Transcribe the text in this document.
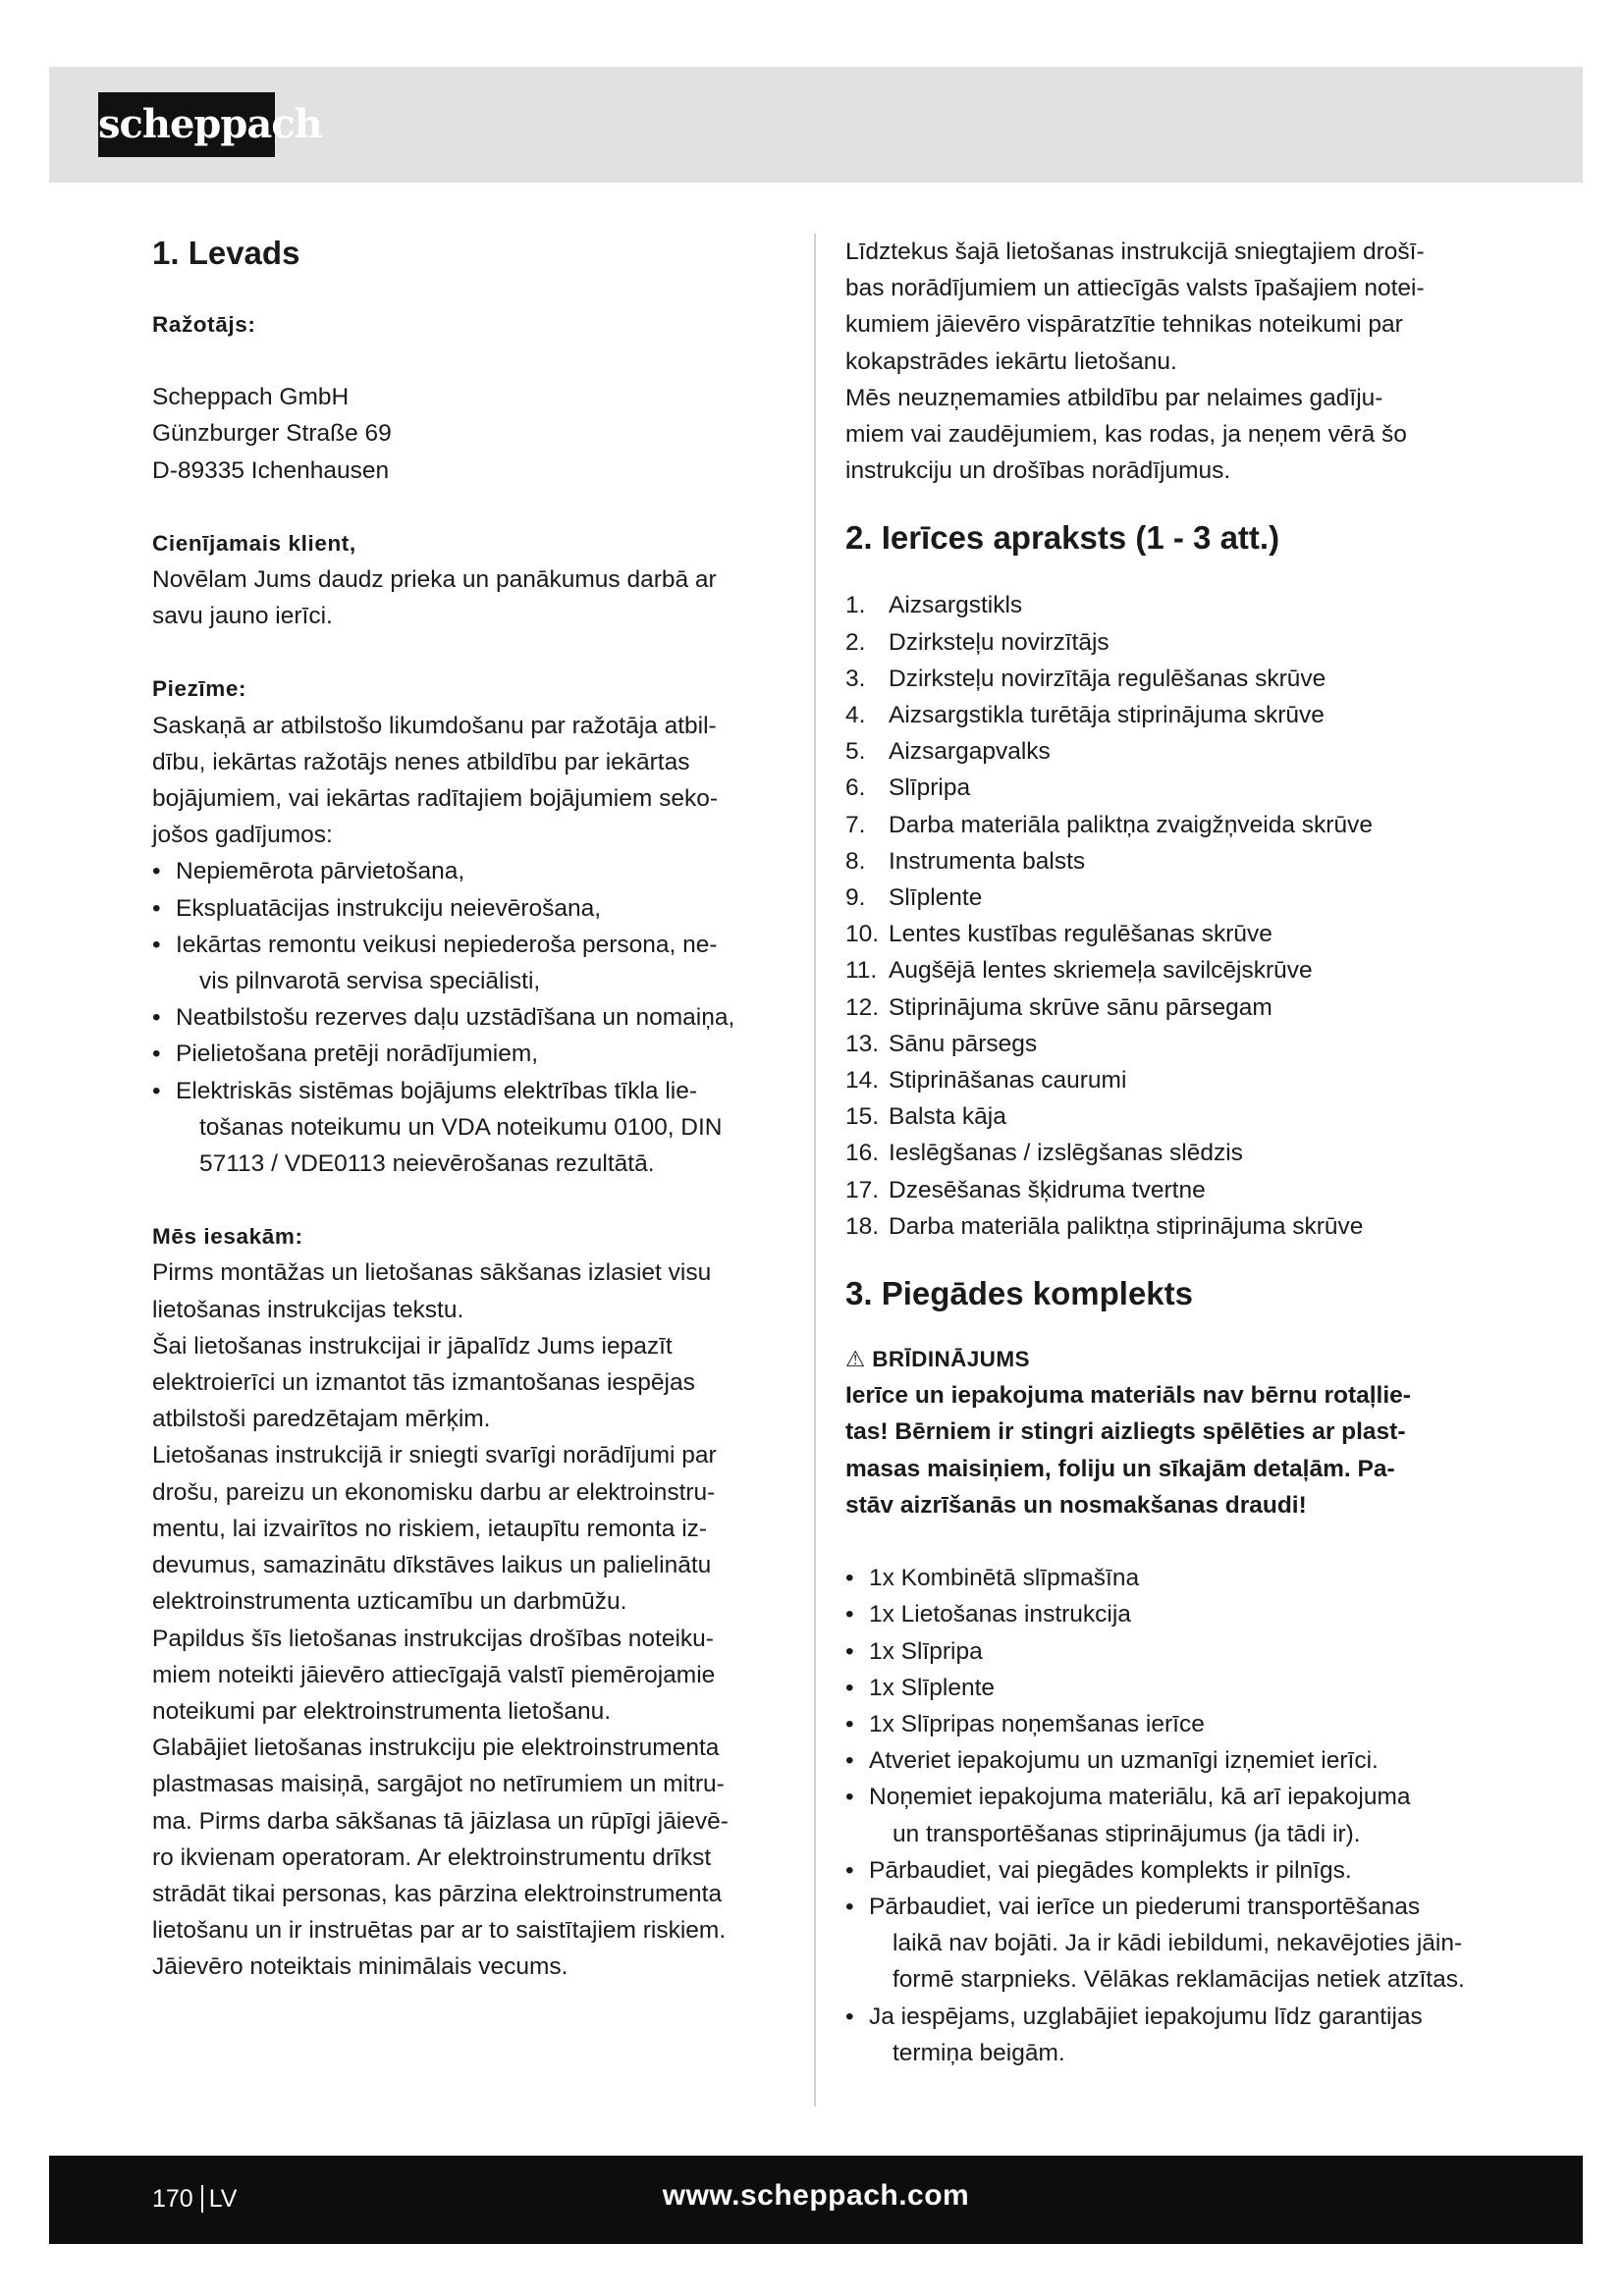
scheppach
1. Levads
Ražotājs:
Scheppach GmbH
Günzburger Straße 69
D-89335 Ichenhausen
Cienījamais klient,
Novēlam Jums daudz prieka un panākumus darbā ar
savu jauno ierīci.
Piezīme:
Saskaņā ar atbilstošo likumdošanu par ražotāja atbil-
dību, iekārtas ražotājs nenes atbildību par iekārtas
bojājumiem, vai iekārtas radītajiem bojājumiem seko-
jošos gadījumos:
• Nepiemērota pārvietošana,
• Ekspluatācijas instrukciju neievērošana,
• Iekārtas remontu veikusi nepiederoša persona, ne-
vis pilnvarotā servisa speciālisti,
• Neatbilstošu rezerves daļu uzstādīšana un nomaiņa,
• Pielietošana pretēji norādījumiem,
• Elektriskās sistēmas bojājums elektrības tīkla lie-
tošanas noteikumu un VDA noteikumu 0100, DIN
57113 / VDE0113 neievērošanas rezultātā.
Mēs iesakām:
Pirms montāžas un lietošanas sākšanas izlasiet visu
lietošanas instrukcijas tekstu.
Šai lietošanas instrukcijai ir jāpalīdz Jums iepazīt
elektroierīci un izmantot tās izmantošanas iespējas
atbilstoši paredzētajam mērķim.
Lietošanas instrukcijā ir sniegti svarīgi norādījumi par
drošu, pareizu un ekonomisku darbu ar elektroinstru-
mentu, lai izvairītos no riskiem, ietaupītu remonta iz-
devumus, samazinātu dīkstāves laikus un palielinātu
elektroinstrumenta uzticamību un darbmūžu.
Papildus šīs lietošanas instrukcijas drošības noteiku-
miem noteikti jāievēro attiecīgajā valstī piemērojamie
noteikumi par elektroinstrumenta lietošanu.
Glabājiet lietošanas instrukciju pie elektroinstrumenta
plastmasas maisiņā, sargājot no netīrumiem un mitru-
ma. Pirms darba sākšanas tā jāizlasa un rūpīgi jāievē-
ro ikvienam operatoram. Ar elektroinstrumentu drīkst
strādāt tikai personas, kas pārzina elektroinstrumenta
lietošanu un ir instruētas par ar to saistītajiem riskiem.
Jāievēro noteiktais minimālais vecums.
Līdztekus šajā lietošanas instrukcijā sniegtajiem drošī-
bas norādījumiem un attiecīgās valsts īpašajiem notei-
kumiem jāievēro vispāratzītie tehnikas noteikumi par
kokapstrādes iekārtu lietošanu.
Mēs neuzņemamies atbildību par nelaimes gadīju-
miem vai zaudējumiem, kas rodas, ja neņem vērā šo
instrukciju un drošības norādījumus.
2. Ierīces apraksts (1 - 3 att.)
1. Aizsargstikls
2. Dzirksteļu novirzītājs
3. Dzirksteļu novirzītāja regulēšanas skrūve
4. Aizsargstikla turētāja stiprinājuma skrūve
5. Aizsargapvalks
6. Slīpripa
7. Darba materiāla paliktņa zvaigžņveida skrūve
8. Instrumenta balsts
9. Slīplente
10. Lentes kustības regulēšanas skrūve
11. Augšējā lentes skriemeļa savilcējskrūve
12. Stiprinājuma skrūve sānu pārsegam
13. Sānu pārsegs
14. Stiprināšanas caurumi
15. Balsta kāja
16. Ieslēgšanas / izslēgšanas slēdzis
17. Dzesēšanas šķidruma tvertne
18. Darba materiāla paliktņa stiprinājuma skrūve
3. Piegādes komplekts
⚠ BRĪDINĀJUMS
Ierīce un iepakojuma materiāls nav bērnu rotaļlie-
tas! Bērniem ir stingri aizliegts spēlēties ar plast-
masas maisiņiem, foliju un sīkajām detaļām. Pa-
stāv aizrīšanās un nosmakšanas draudi!
• 1x Kombinētā slīpmašīna
• 1x Lietošanas instrukcija
• 1x Slīpripa
• 1x Slīplente
• 1x Slīpripas noņemšanas ierīce
• Atveriet iepakojumu un uzmanīgi izņemiet ierīci.
• Noņemiet iepakojuma materiālu, kā arī iepakojuma
un transportēšanas stiprinājumus (ja tādi ir).
• Pārbaudiet, vai piegādes komplekts ir pilnīgs.
• Pārbaudiet, vai ierīce un piederumi transportēšanas
laikā nav bojāti. Ja ir kādi iebildumi, nekavējoties jāin-
formē starpnieks. Vēlākas reklamācijas netiek atzītas.
• Ja iespējams, uzglabājiet iepakojumu līdz garantijas
termiņa beigām.
170 LV	www.scheppach.com
